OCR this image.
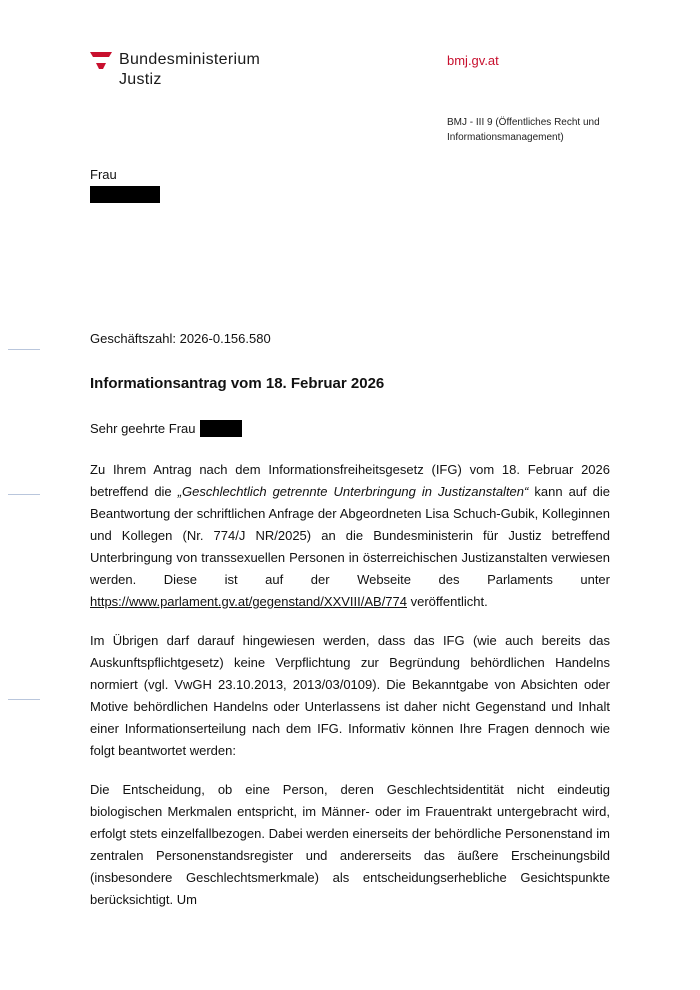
Bundesministerium
Justiz
bmj.gv.at
BMJ - III 9 (Öffentliches Recht und Informationsmanagement)
Frau
Geschäftszahl: 2026-0.156.580
Informationsantrag vom 18. Februar 2026
Sehr geehrte Frau

Zu Ihrem Antrag nach dem Informationsfreiheitsgesetz (IFG) vom 18. Februar 2026 betreffend die „Geschlechtlich getrennte Unterbringung in Justizanstalten“ kann auf die Beantwortung der schriftlichen Anfrage der Abgeordneten Lisa Schuch-Gubik, Kolleginnen und Kollegen (Nr. 774/J NR/2025) an die Bundesministerin für Justiz betreffend Unterbringung von transsexuellen Personen in österreichischen Justizanstalten verwiesen werden. Diese ist auf der Webseite des Parlaments unter https://www.parlament.gv.at/gegenstand/XXVIII/AB/774 veröffentlicht.

Im Übrigen darf darauf hingewiesen werden, dass das IFG (wie auch bereits das Auskunftspflichtgesetz) keine Verpflichtung zur Begründung behördlichen Handelns normiert (vgl. VwGH 23.10.2013, 2013/03/0109). Die Bekanntgabe von Absichten oder Motive behördlichen Handelns oder Unterlassens ist daher nicht Gegenstand und Inhalt einer Informationserteilung nach dem IFG. Informativ können Ihre Fragen dennoch wie folgt beantwortet werden:

Die Entscheidung, ob eine Person, deren Geschlechtsidentität nicht eindeutig biologischen Merkmalen entspricht, im Männer- oder im Frauentrakt untergebracht wird, erfolgt stets einzelfallbezogen. Dabei werden einerseits der behördliche Personenstand im zentralen Personenstandsregister und andererseits das äußere Erscheinungsbild (insbesondere Geschlechtsmerkmale) als entscheidungserhebliche Gesichtspunkte berücksichtigt. Um
